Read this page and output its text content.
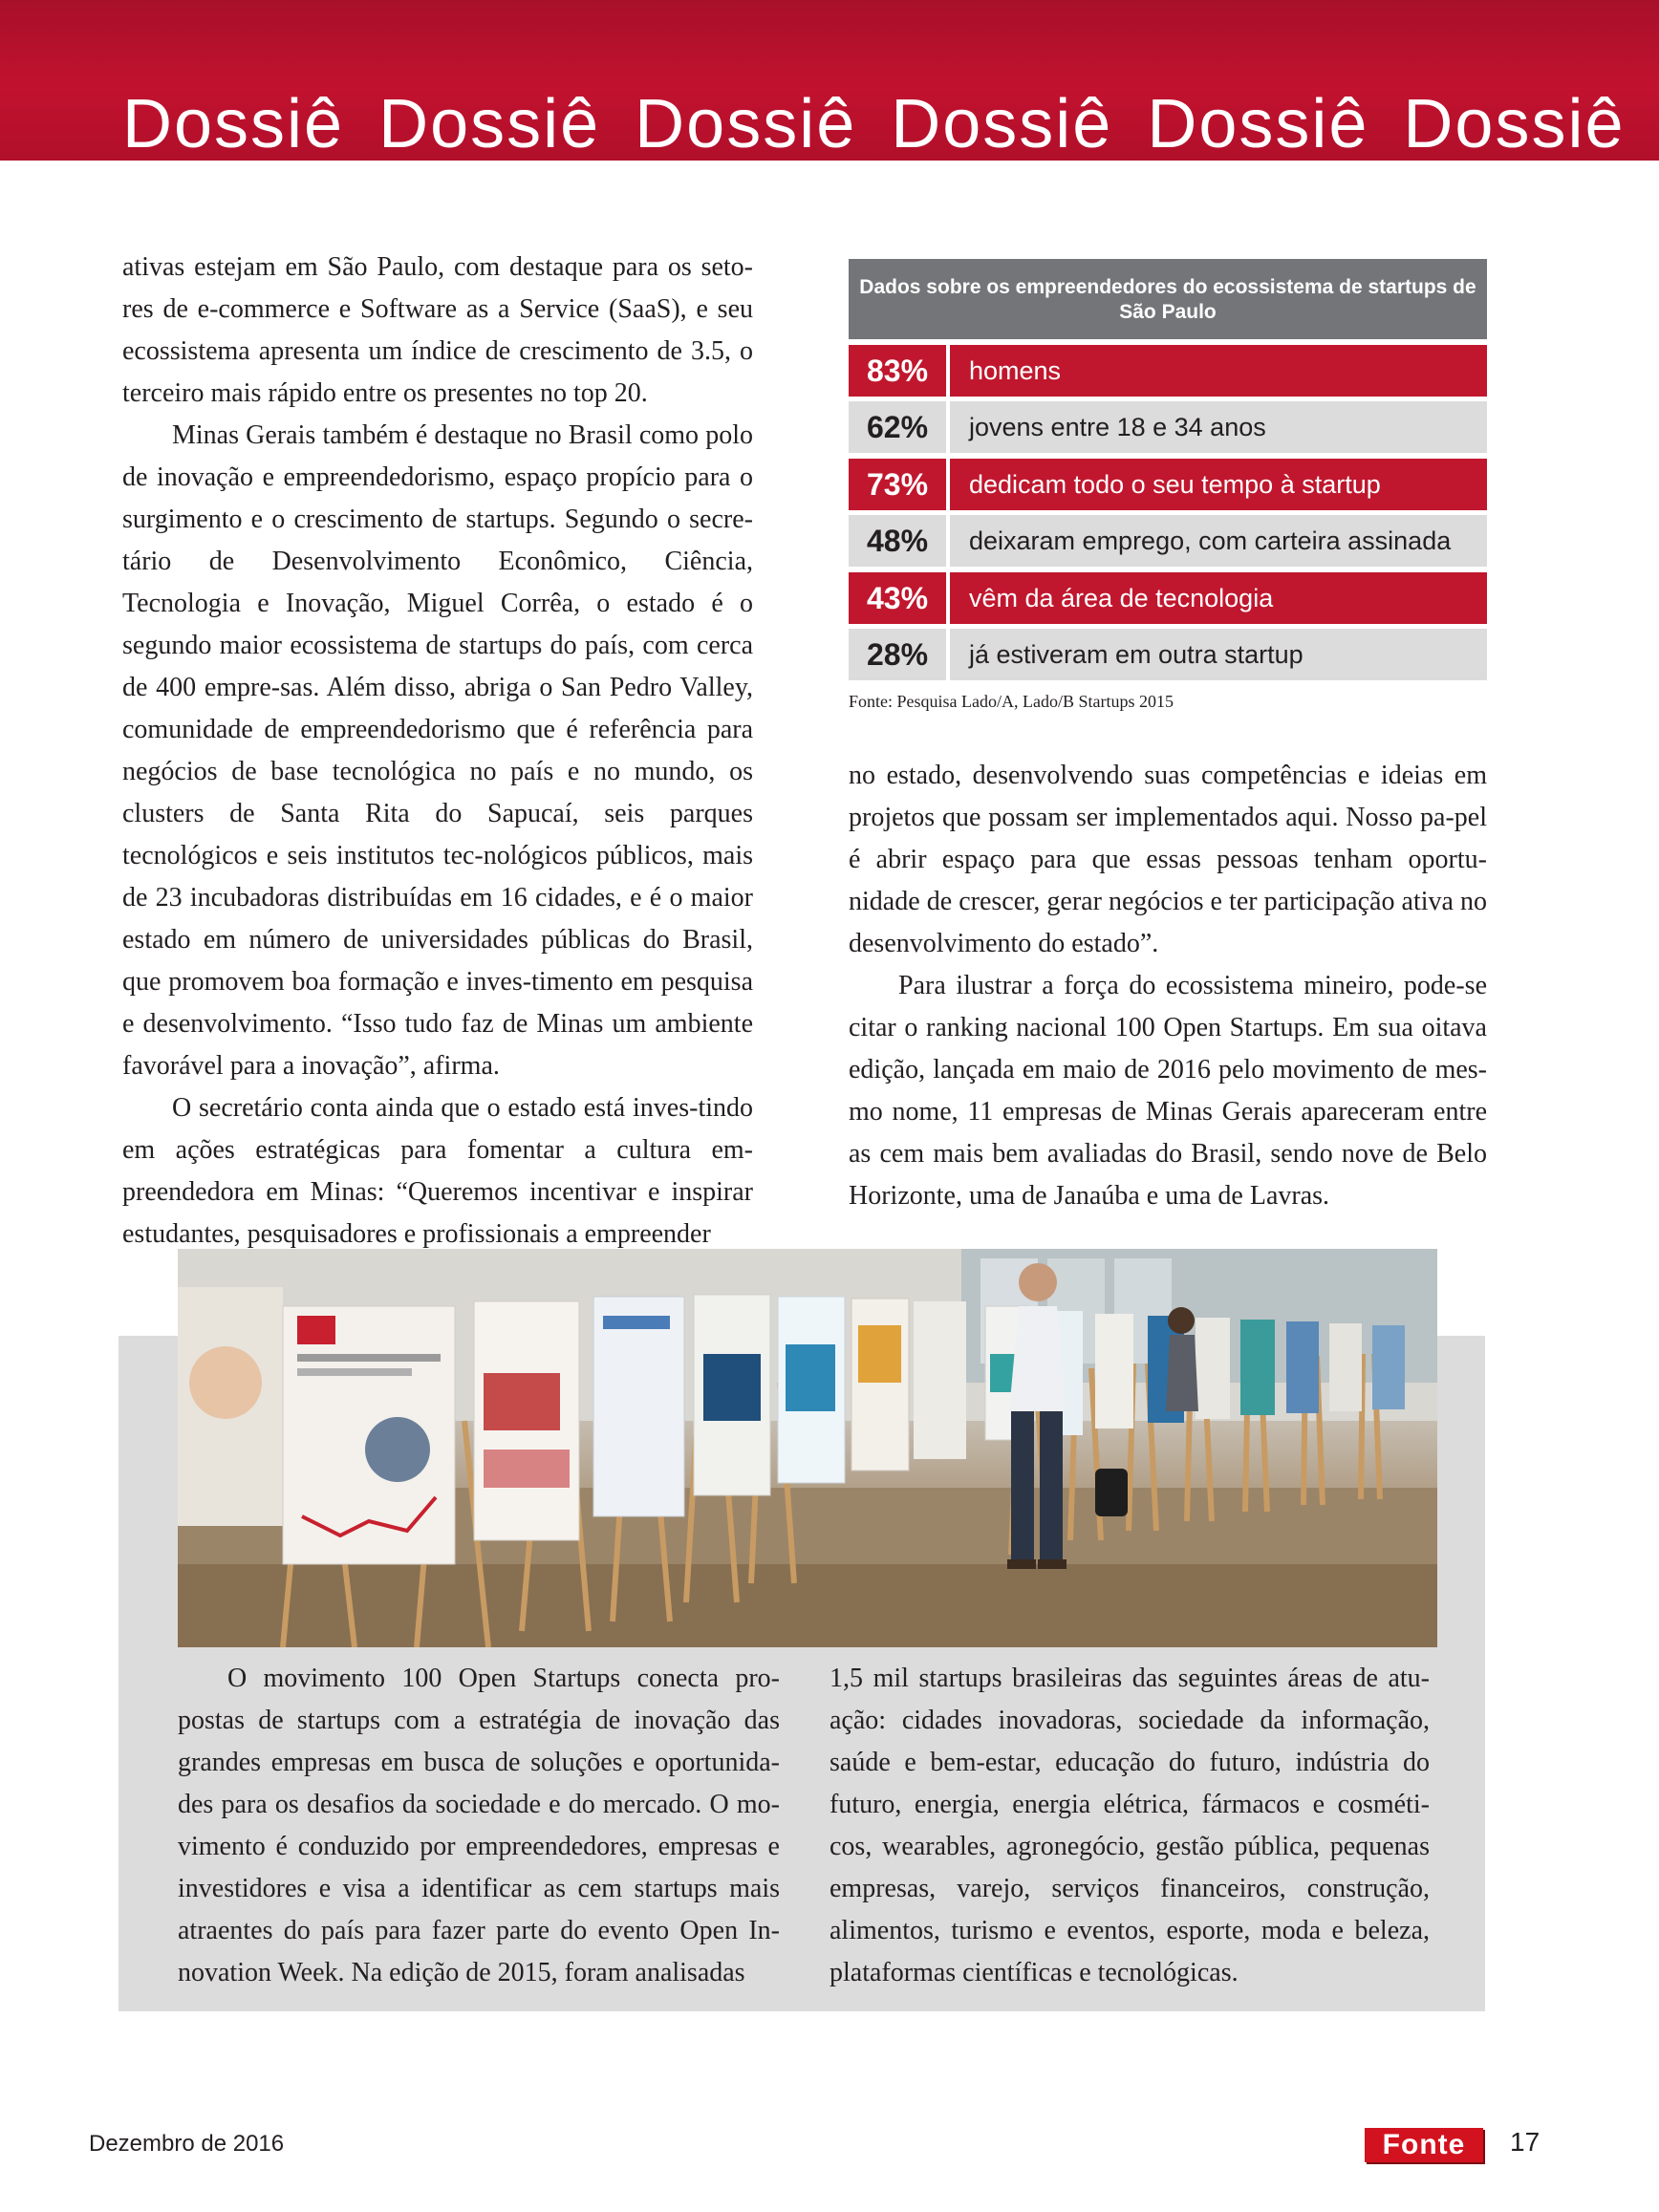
Dossiê Dossiê Dossiê Dossiê Dossiê Dossiê

ativas estejam em São Paulo, com destaque para os seto-res de e-commerce e Software as a Service (SaaS), e seu ecossistema apresenta um índice de crescimento de 3.5, o terceiro mais rápido entre os presentes no top 20.

Minas Gerais também é destaque no Brasil como polo de inovação e empreendedorismo, espaço propício para o surgimento e o crescimento de startups. Segundo o secre-tário de Desenvolvimento Econômico, Ciência, Tecnologia e Inovação, Miguel Corrêa, o estado é o segundo maior ecossistema de startups do país, com cerca de 400 empre-sas. Além disso, abriga o San Pedro Valley, comunidade de empreendedorismo que é referência para negócios de base tecnológica no país e no mundo, os clusters de Santa Rita do Sapucaí, seis parques tecnológicos e seis institutos tec-nológicos públicos, mais de 23 incubadoras distribuídas em 16 cidades, e é o maior estado em número de universidades públicas do Brasil, que promovem boa formação e inves-timento em pesquisa e desenvolvimento. “Isso tudo faz de Minas um ambiente favorável para a inovação”, afirma.

O secretário conta ainda que o estado está inves-tindo em ações estratégicas para fomentar a cultura em-preendedora em Minas: “Queremos incentivar e inspirar estudantes, pesquisadores e profissionais a empreender

Dados sobre os empreendedores do ecossistema de startups de São Paulo
83%	homens
62%	jovens entre 18 e 34 anos
73%	dedicam todo o seu tempo à startup
48%	deixaram emprego, com carteira assinada
43%	vêm da área de tecnologia
28%	já estiveram em outra startup
Fonte: Pesquisa Lado/A, Lado/B Startups 2015

no estado, desenvolvendo suas competências e ideias em projetos que possam ser implementados aqui. Nosso pa-pel é abrir espaço para que essas pessoas tenham oportu-nidade de crescer, gerar negócios e ter participação ativa no desenvolvimento do estado”.

Para ilustrar a força do ecossistema mineiro, pode-se citar o ranking nacional 100 Open Startups. Em sua oitava edição, lançada em maio de 2016 pelo movimento de mes-mo nome, 11 empresas de Minas Gerais apareceram entre as cem mais bem avaliadas do Brasil, sendo nove de Belo Horizonte, uma de Janaúba e uma de Lavras.

O movimento 100 Open Startups conecta pro-postas de startups com a estratégia de inovação das grandes empresas em busca de soluções e oportunida-des para os desafios da sociedade e do mercado. O mo-vimento é conduzido por empreendedores, empresas e investidores e visa a identificar as cem startups mais atraentes do país para fazer parte do evento Open In-novation Week. Na edição de 2015, foram analisadas

1,5 mil startups brasileiras das seguintes áreas de atu-ação: cidades inovadoras, sociedade da informação, saúde e bem-estar, educação do futuro, indústria do futuro, energia, energia elétrica, fármacos e cosméti-cos, wearables, agronegócio, gestão pública, pequenas empresas, varejo, serviços financeiros, construção, alimentos, turismo e eventos, esporte, moda e beleza, plataformas científicas e tecnológicas.

Dezembro de 2016	Fonte	17
